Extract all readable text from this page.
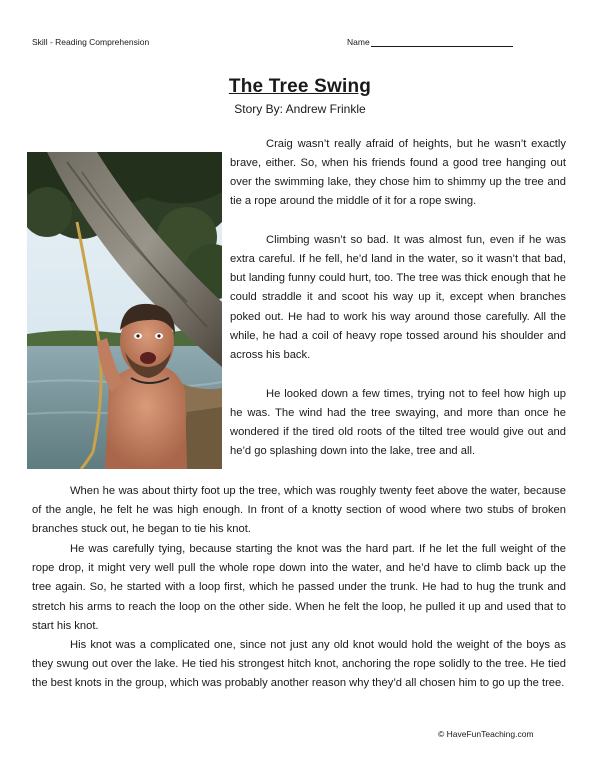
Skill - Reading Comprehension	Name
The Tree Swing
Story By: Andrew Frinkle

Craig wasn’t really afraid of heights, but he wasn’t exactly brave, either. So, when his friends found a good tree hanging out over the swimming lake, they chose him to shimmy up the tree and tie a rope around the middle of it for a rope swing.

Climbing wasn’t so bad. It was almost fun, even if he was extra careful. If he fell, he’d land in the water, so it wasn’t that bad, but landing funny could hurt, too. The tree was thick enough that he could straddle it and scoot his way up it, except when branches poked out. He had to work his way around those carefully. All the while, he had a coil of heavy rope tossed around his shoulder and across his back.

He looked down a few times, trying not to feel how high up he was. The wind had the tree swaying, and more than once he wondered if the tired old roots of the tilted tree would give out and he’d go splashing down into the lake, tree and all.

When he was about thirty foot up the tree, which was roughly twenty feet above the water, because of the angle, he felt he was high enough. In front of a knotty section of wood where two stubs of broken branches stuck out, he began to tie his knot.

He was carefully tying, because starting the knot was the hard part. If he let the full weight of the rope drop, it might very well pull the whole rope down into the water, and he’d have to climb back up the tree again. So, he started with a loop first, which he passed under the trunk. He had to hug the trunk and stretch his arms to reach the loop on the other side. When he felt the loop, he pulled it up and used that to start his knot.

His knot was a complicated one, since not just any old knot would hold the weight of the boys as they swung out over the lake. He tied his strongest hitch knot, anchoring the rope solidly to the tree. He tied the best knots in the group, which was probably another reason why they’d all chosen him to go up the tree.

© HaveFunTeaching.com
